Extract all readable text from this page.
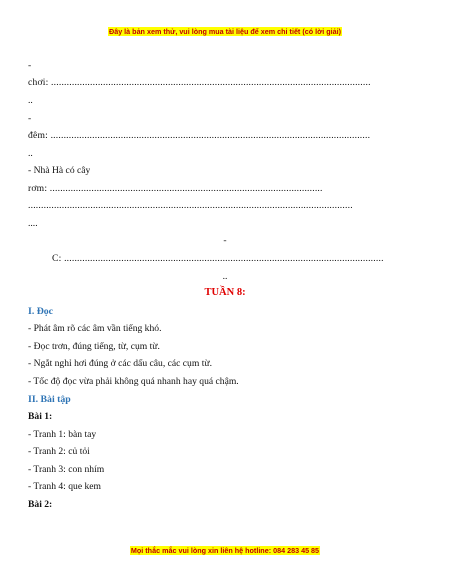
Đây là bản xem thử, vui lòng mua tài liệu để xem chi tiết (có lời giải)
-
chơi: ...........................................................................................................................
..
-
đêm: ...........................................................................................................................
..
- Nhà Hà có cây
rơm: .........................................................................................................
.............................................................................................................................
....
-
C: ...........................................................................................................................
..
TUẦN 8:
I. Đọc
- Phát âm rõ các âm vần tiếng khó.
- Đọc trơn, đúng tiếng, từ, cụm từ.
- Ngắt nghỉ hơi đúng ở các dấu câu, các cụm từ.
- Tốc độ đọc vừa phải không quá nhanh hay quá chậm.
II. Bài tập
Bài 1:
- Tranh 1: bàn tay
- Tranh 2: củ tỏi
- Tranh 3: con nhím
- Tranh 4: que kem
Bài 2:
Mọi thắc mắc vui lòng xin liên hệ hotline: 084 283 45 85
